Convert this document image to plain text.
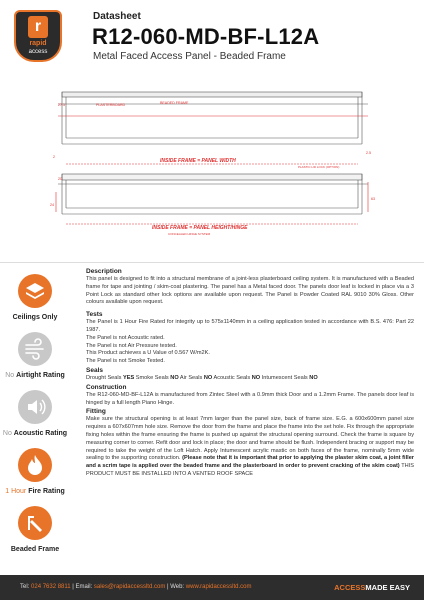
r
rapid
access
Datasheet
R12-060-MD-BF-L12A
Metal Faced Access Panel - Beaded Frame
27.5	PLASTERBOARD	BEADED FRAME
2
2.5
PLASTIC LID LOCK (OPTION)
20
24
63
CONCEALED HINGE SYSTEM
INSIDE FRAME = PANEL WIDTH
INSIDE FRAME = PANEL HEIGHT/HINGE
Ceilings Only
No Airtight Rating
No Acoustic Rating
1 Hour Fire Rating
Beaded Frame
Description

This panel is designed to fit into a structural membrane of a joint-less plasterboard ceiling system. It is manufactured with a Beaded frame for tape and jointing / skim-coat plastering. The panel has a Metal faced door. The panels door leaf is locked in place via a 3 Point Lock as standard other lock options are available upon request. The Panel is Powder Coated RAL 9010 30% Gloss. Other colours available upon request.

Tests

The Panel is 1 Hour Fire Rated for integrity up to 575x1140mm in a ceiling application tested in accordance with B.S. 476: Part 22 1987.

The Panel is not Acoustic rated.

The Panel is not Air Pressure tested.

This Product achieves a U Value of 0.567 W/m2K.

The Panel is not Smoke Tested.

Seals

Drought Seals YES Smoke Seals NO Air Seals NO Acoustic Seals NO Intumescent Seals NO

Construction

The R12-060-MD-BF-L12A is manufactured from Zintec Steel with a 0.9mm thick Door and a 1.2mm Frame. The panels door leaf is hinged by a full length Piano Hinge.

Fitting

Make sure the structural opening is at least 7mm larger than the panel size, back of frame size. E.G. a 600x600mm panel size requires a 607x607mm hole size. Remove the door from the frame and place the frame into the set hole. Fix through the appropriate fixing holes within the frame ensuring the frame is pushed up against the structural opening surround. Check the frame is square by measuring corner to corner. Refit door and lock in place; the door and frame should be flush. Independent bracing or support may be required to take the weight of the Loft Hatch. Apply Intumescent acrylic mastic on both faces of the frame, nominally 5mm wide sealing to the supporting construction. (Please note that it is important that prior to applying the plaster skim coat, a joint filler and a scrim tape is applied over the beaded frame and the plasterboard in order to prevent cracking of the skim coat) THIS PRODUCT MUST BE INSTALLED INTO A VENTED ROOF SPACE

Tel: 024 7632 8811 | Email: sales@rapidaccessltd.com | Web: www.rapidaccessltd.com	ACCESSMADE EASY
